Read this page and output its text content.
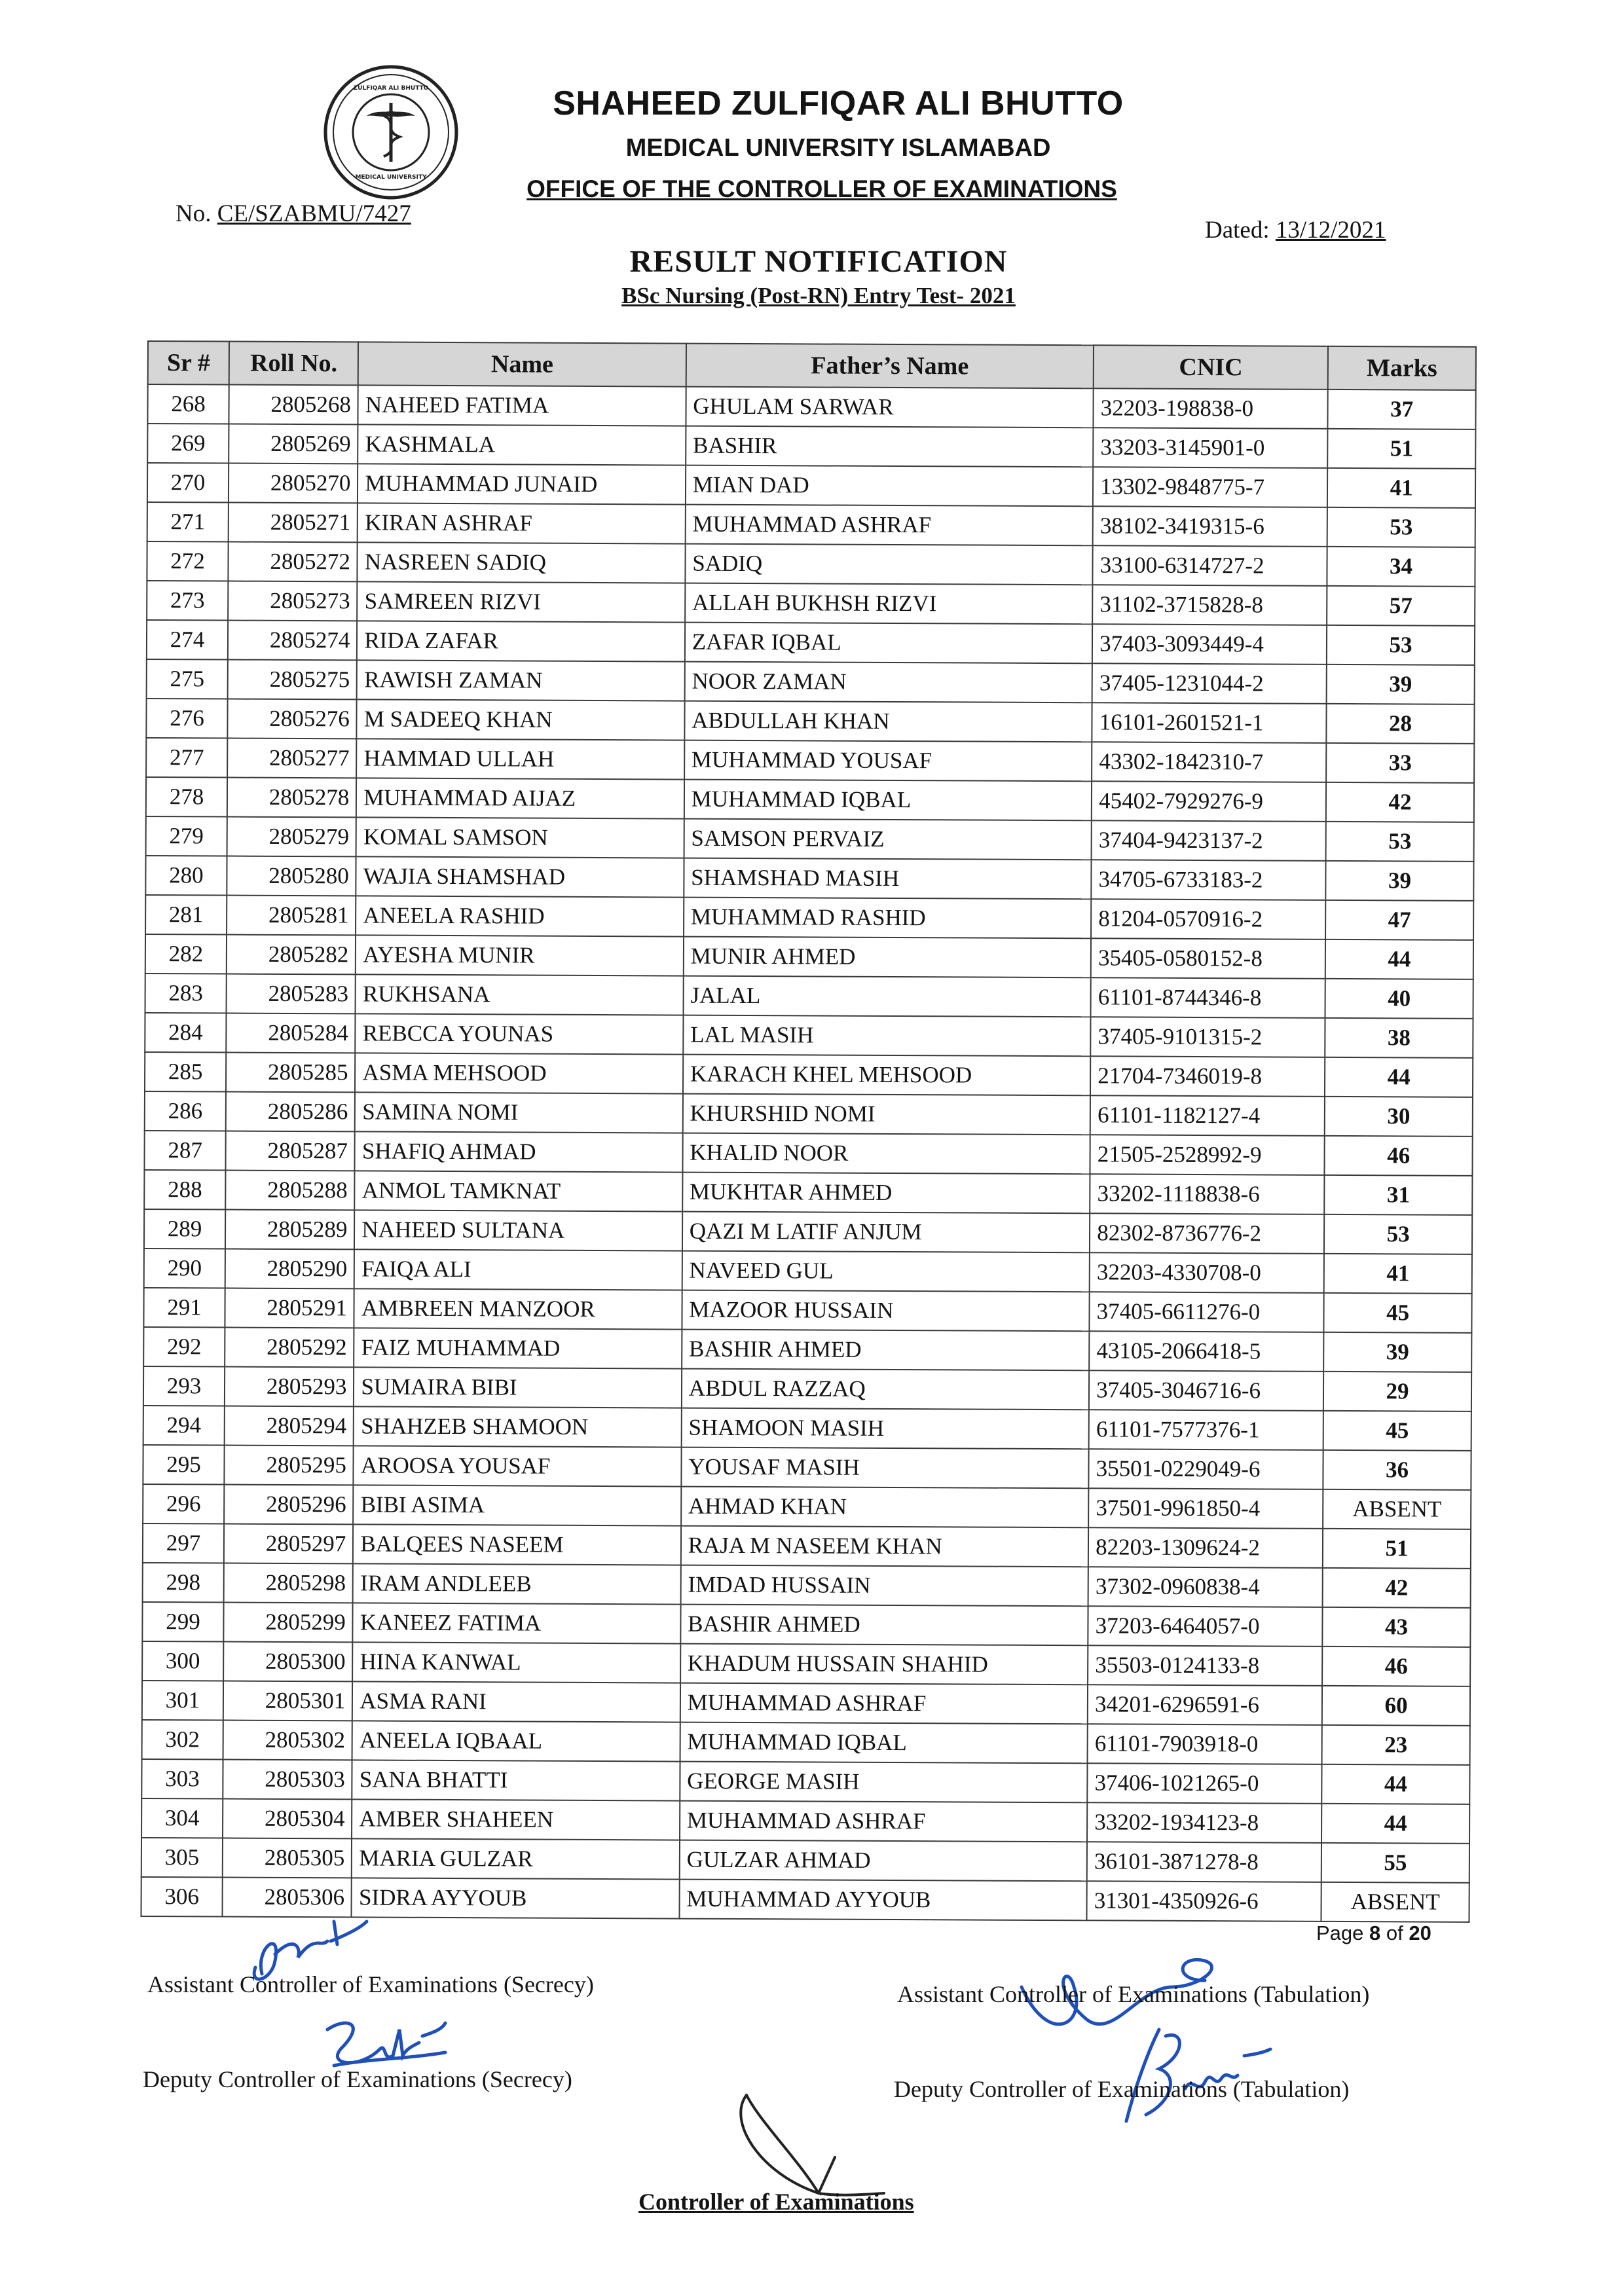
MEDICAL UNIVERSITY
ZULFIQAR ALI BHUTTO	SHAHEED ZULFIQAR ALI BHUTTO
MEDICAL UNIVERSITY ISLAMABAD
OFFICE OF THE CONTROLLER OF EXAMINATIONS
No. CE/SZABMU/7427
Dated: 13/12/2021
RESULT NOTIFICATION
BSc Nursing (Post-RN) Entry Test- 2021
Sr #	Roll No.	Name	Father’s Name	CNIC	Marks
268	2805268	NAHEED FATIMA	GHULAM SARWAR	32203-198838-0	37
269	2805269	KASHMALA	BASHIR	33203-3145901-0	51
270	2805270	MUHAMMAD JUNAID	MIAN DAD	13302-9848775-7	41
271	2805271	KIRAN ASHRAF	MUHAMMAD ASHRAF	38102-3419315-6	53
272	2805272	NASREEN SADIQ	SADIQ	33100-6314727-2	34
273	2805273	SAMREEN RIZVI	ALLAH BUKHSH RIZVI	31102-3715828-8	57
274	2805274	RIDA ZAFAR	ZAFAR IQBAL	37403-3093449-4	53
275	2805275	RAWISH ZAMAN	NOOR ZAMAN	37405-1231044-2	39
276	2805276	M SADEEQ KHAN	ABDULLAH KHAN	16101-2601521-1	28
277	2805277	HAMMAD ULLAH	MUHAMMAD YOUSAF	43302-1842310-7	33
278	2805278	MUHAMMAD AIJAZ	MUHAMMAD IQBAL	45402-7929276-9	42
279	2805279	KOMAL SAMSON	SAMSON PERVAIZ	37404-9423137-2	53
280	2805280	WAJIA SHAMSHAD	SHAMSHAD MASIH	34705-6733183-2	39
281	2805281	ANEELA RASHID	MUHAMMAD RASHID	81204-0570916-2	47
282	2805282	AYESHA MUNIR	MUNIR AHMED	35405-0580152-8	44
283	2805283	RUKHSANA	JALAL	61101-8744346-8	40
284	2805284	REBCCA YOUNAS	LAL MASIH	37405-9101315-2	38
285	2805285	ASMA MEHSOOD	KARACH KHEL MEHSOOD	21704-7346019-8	44
286	2805286	SAMINA NOMI	KHURSHID NOMI	61101-1182127-4	30
287	2805287	SHAFIQ AHMAD	KHALID NOOR	21505-2528992-9	46
288	2805288	ANMOL TAMKNAT	MUKHTAR AHMED	33202-1118838-6	31
289	2805289	NAHEED SULTANA	QAZI M LATIF ANJUM	82302-8736776-2	53
290	2805290	FAIQA ALI	NAVEED GUL	32203-4330708-0	41
291	2805291	AMBREEN MANZOOR	MAZOOR HUSSAIN	37405-6611276-0	45
292	2805292	FAIZ MUHAMMAD	BASHIR AHMED	43105-2066418-5	39
293	2805293	SUMAIRA BIBI	ABDUL RAZZAQ	37405-3046716-6	29
294	2805294	SHAHZEB SHAMOON	SHAMOON MASIH	61101-7577376-1	45
295	2805295	AROOSA YOUSAF	YOUSAF MASIH	35501-0229049-6	36
296	2805296	BIBI ASIMA	AHMAD KHAN	37501-9961850-4	ABSENT
297	2805297	BALQEES NASEEM	RAJA M NASEEM KHAN	82203-1309624-2	51
298	2805298	IRAM ANDLEEB	IMDAD HUSSAIN	37302-0960838-4	42
299	2805299	KANEEZ FATIMA	BASHIR AHMED	37203-6464057-0	43
300	2805300	HINA KANWAL	KHADUM HUSSAIN SHAHID	35503-0124133-8	46
301	2805301	ASMA RANI	MUHAMMAD ASHRAF	34201-6296591-6	60
302	2805302	ANEELA IQBAAL	MUHAMMAD IQBAL	61101-7903918-0	23
303	2805303	SANA BHATTI	GEORGE MASIH	37406-1021265-0	44
304	2805304	AMBER SHAHEEN	MUHAMMAD ASHRAF	33202-1934123-8	44
305	2805305	MARIA GULZAR	GULZAR AHMAD	36101-3871278-8	55
306	2805306	SIDRA AYYOUB	MUHAMMAD AYYOUB	31301-4350926-6	ABSENT
Page 8 of 20
Assistant Controller of Examinations (Secrecy)	Assistant Controller of Examinations (Tabulation)
Deputy Controller of Examinations (Secrecy)	Deputy Controller of Examinations (Tabulation)
Controller of Examinations
